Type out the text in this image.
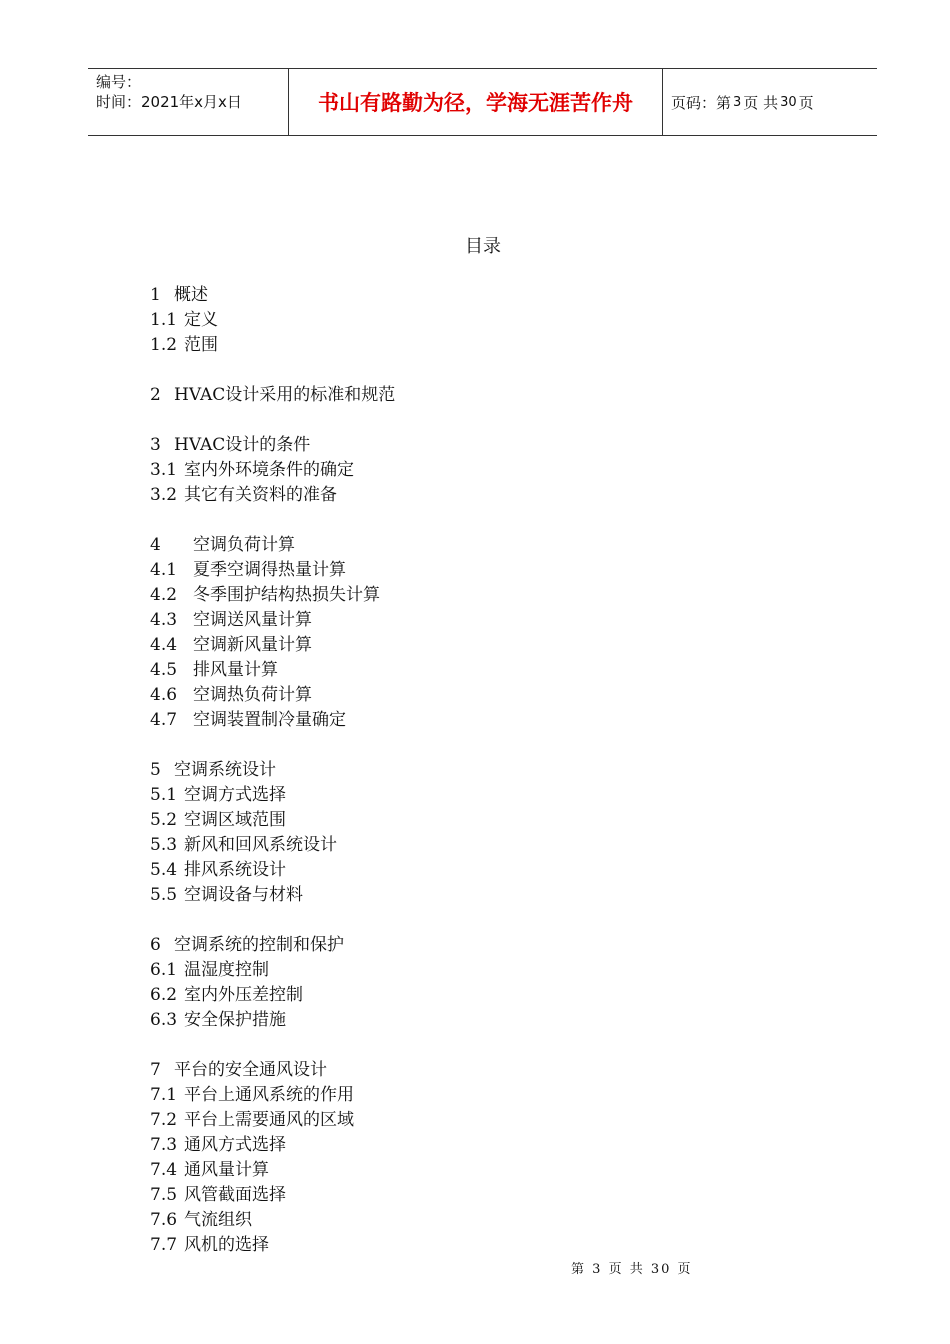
编号：
时间：2021年x月x日	书山有路勤为径，学海无涯苦作舟	页码：第 3 页 共 30 页
目录
1 概述
1.1 定义
1.2 范围
2 HVAC设计采用的标准和规范
3 HVAC设计的条件
3.1 室内外环境条件的确定
3.2 其它有关资料的准备
4 空调负荷计算
4.1 夏季空调得热量计算
4.2 冬季围护结构热损失计算
4.3 空调送风量计算
4.4 空调新风量计算
4.5 排风量计算
4.6 空调热负荷计算
4.7 空调装置制冷量确定
5 空调系统设计
5.1 空调方式选择
5.2 空调区域范围
5.3 新风和回风系统设计
5.4 排风系统设计
5.5 空调设备与材料
6 空调系统的控制和保护
6.1 温湿度控制
6.2 室内外压差控制
6.3 安全保护措施
7 平台的安全通风设计
7.1 平台上通风系统的作用
7.2 平台上需要通风的区域
7.3 通风方式选择
7.4 通风量计算
7.5 风管截面选择
7.6 气流组织
7.7 风机的选择
第 3 页 共 30 页
